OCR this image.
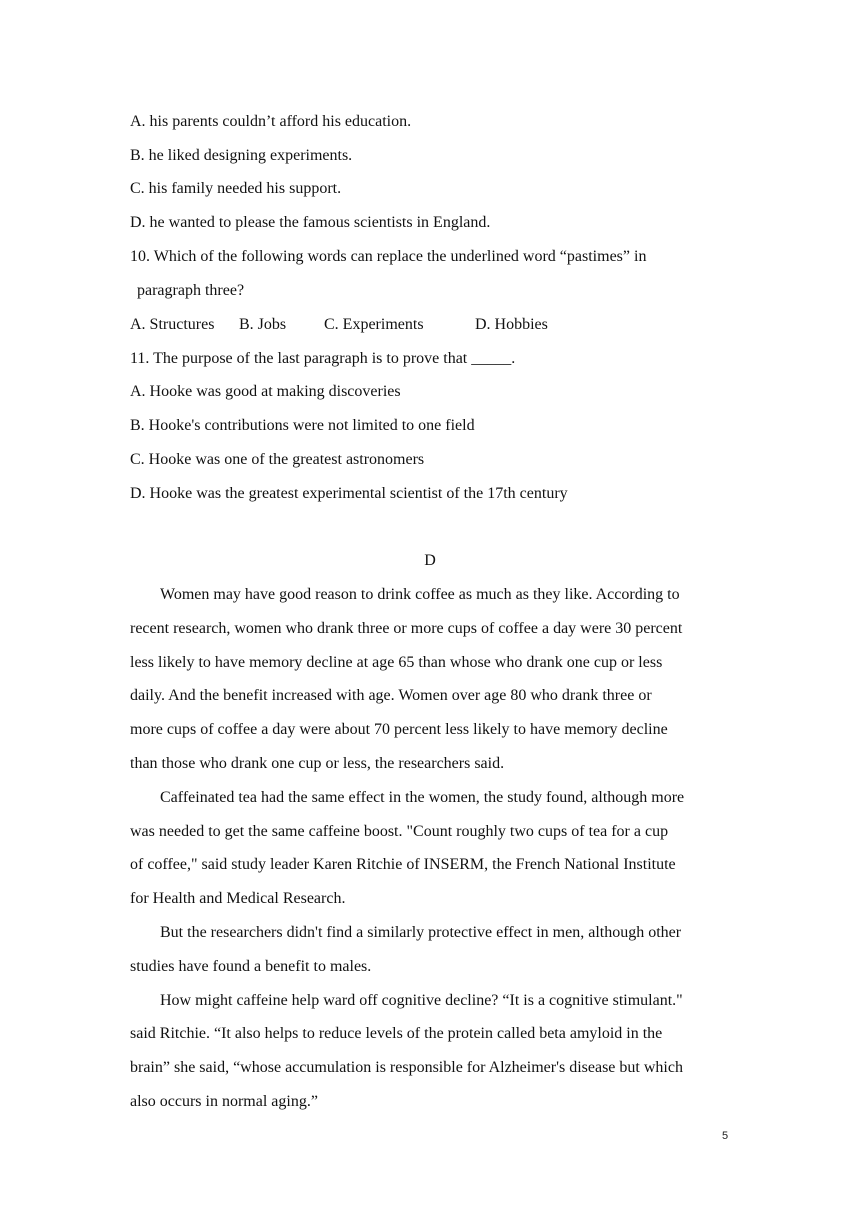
A. his parents couldn’t afford his education.
B. he liked designing experiments.
C. his family needed his support.
D. he wanted to please the famous scientists in England.
10. Which of the following words can replace the underlined word “pastimes” in
paragraph three?
A. Structures B. Jobs C. Experiments	D. Hobbies
11. The purpose of the last paragraph is to prove that _____.
A. Hooke was good at making discoveries
B. Hooke's contributions were not limited to one field
C. Hooke was one of the greatest astronomers
D. Hooke was the greatest experimental scientist of the 17th century
D
Women may have good reason to drink coffee as much as they like. According to
recent research, women who drank three or more cups of coffee a day were 30 percent
less likely to have memory decline at age 65 than whose who drank one cup or less
daily. And the benefit increased with age. Women over age 80 who drank three or
more cups of coffee a day were about 70 percent less likely to have memory decline
than those who drank one cup or less, the researchers said.
Caffeinated tea had the same effect in the women, the study found, although more
was needed to get the same caffeine boost. "Count roughly two cups of tea for a cup
of coffee," said study leader Karen Ritchie of INSERM, the French National Institute
for Health and Medical Research.
But the researchers didn't find a similarly protective effect in men, although other
studies have found a benefit to males.
How might caffeine help ward off cognitive decline? “It is a cognitive stimulant."
said Ritchie. “It also helps to reduce levels of the protein called beta amyloid in the
brain” she said, “whose accumulation is responsible for Alzheimer's disease but which
also occurs in normal aging.”
5
